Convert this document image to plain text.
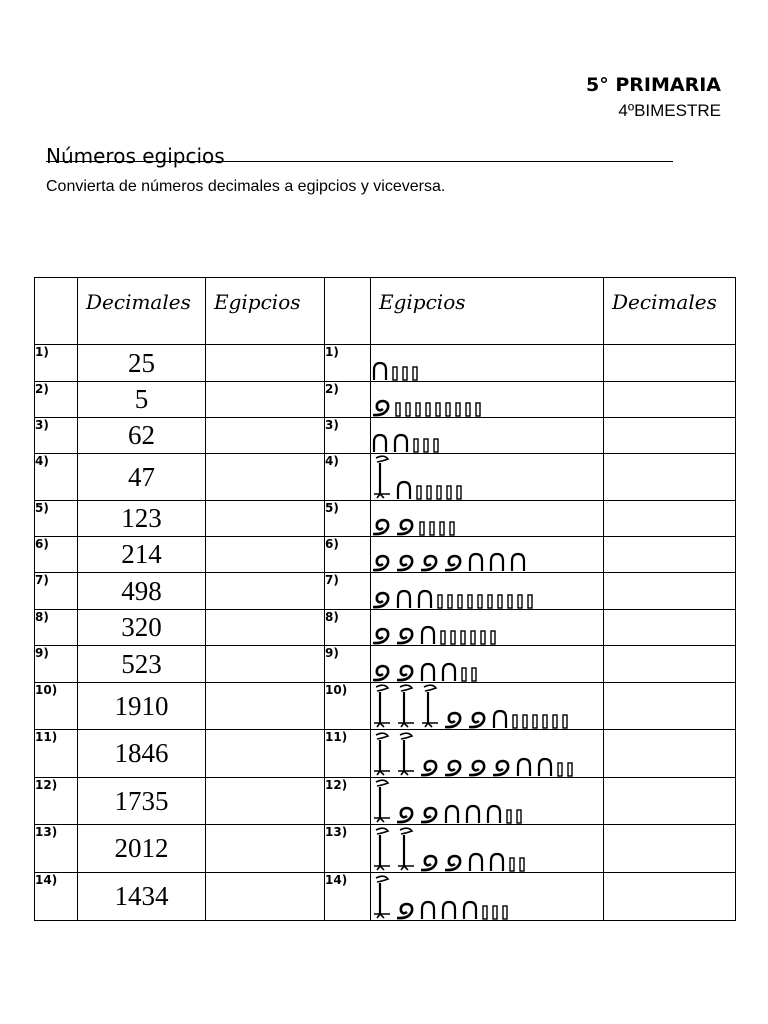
5° PRIMARIA
4ºBIMESTRE
Números egipcios
Convierta de números decimales a egipcios y viceversa.
	Decimales	Egipcios		Egipcios	Decimales
1)	25		1)		
2)	5		2)		
3)	62		3)		
4)	47		4)		
5)	123		5)		
6)	214		6)		
7)	498		7)		
8)	320		8)		
9)	523		9)		
10)	1910		10)		
11)	1846		11)		
12)	1735		12)		
13)	2012		13)		
14)	1434		14)		
